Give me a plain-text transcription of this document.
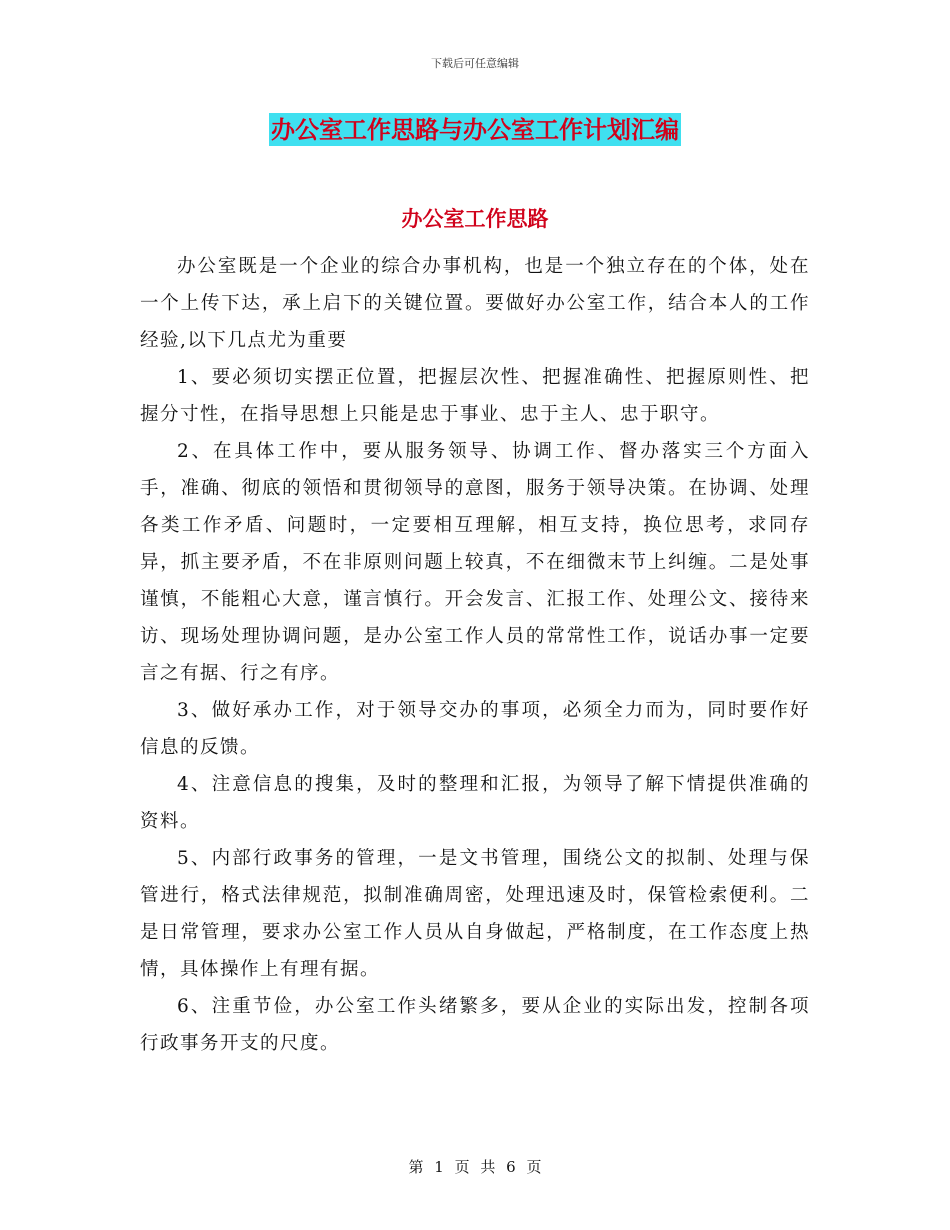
下载后可任意编辑
办公室工作思路与办公室工作计划汇编
办公室工作思路

办公室既是一个企业的综合办事机构，也是一个独立存在的个体，处在一个上传下达，承上启下的关键位置。要做好办公室工作，结合本人的工作经验,以下几点尤为重要

1、要必须切实摆正位置，把握层次性、把握准确性、把握原则性、把握分寸性，在指导思想上只能是忠于事业、忠于主人、忠于职守。

2、在具体工作中，要从服务领导、协调工作、督办落实三个方面入手，准确、彻底的领悟和贯彻领导的意图，服务于领导决策。在协调、处理各类工作矛盾、问题时，一定要相互理解，相互支持，换位思考，求同存异，抓主要矛盾，不在非原则问题上较真，不在细微末节上纠缠。二是处事谨慎，不能粗心大意，谨言慎行。开会发言、汇报工作、处理公文、接待来访、现场处理协调问题，是办公室工作人员的常常性工作，说话办事一定要言之有据、行之有序。

3、做好承办工作，对于领导交办的事项，必须全力而为，同时要作好信息的反馈。

4、注意信息的搜集，及时的整理和汇报，为领导了解下情提供准确的资料。

5、内部行政事务的管理，一是文书管理，围绕公文的拟制、处理与保管进行，格式法律规范，拟制准确周密，处理迅速及时，保管检索便利。二是日常管理，要求办公室工作人员从自身做起，严格制度，在工作态度上热情，具体操作上有理有据。

6、注重节俭，办公室工作头绪繁多，要从企业的实际出发，控制各项行政事务开支的尺度。

第 1 页 共 6 页
